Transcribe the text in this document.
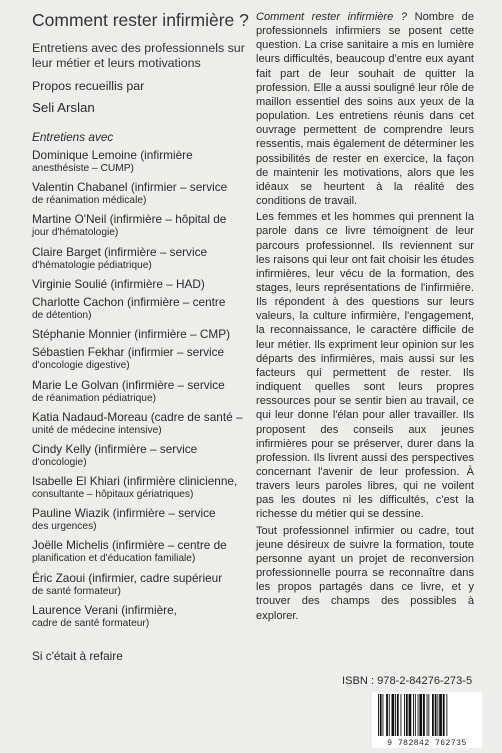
Comment rester infirmière ?

Entretiens avec des professionnels sur leur métier et leurs motivations

Propos recueillis par

Seli Arslan

Entretiens avec

Dominique Lemoine (infirmière
anesthésiste – CUMP)
Valentin Chabanel (infirmier – service
de réanimation médicale)
Martine O'Neil (infirmière – hôpital de
jour d'hématologie)
Claire Barget (infirmière – service
d'hématologie pédiatrique)
Virginie Soulié (infirmière – HAD)
Charlotte Cachon (infirmière – centre
de détention)
Stéphanie Monnier (infirmière – CMP)
Sébastien Fekhar (infirmier – service
d'oncologie digestive)
Marie Le Golvan (infirmière – service
de réanimation pédiatrique)
Katia Nadaud-Moreau (cadre de santé –
unité de médecine intensive)
Cindy Kelly (infirmière – service
d'oncologie)
Isabelle El Khiari (infirmière clinicienne,
consultante – hôpitaux gériatriques)
Pauline Wiazik (infirmière – service
des urgences)
Joëlle Michelis (infirmière – centre de
planification et d'éducation familiale)
Éric Zaoui (infirmier, cadre supérieur
de santé formateur)
Laurence Verani (infirmière,
cadre de santé formateur)

Si c'était à refaire

Comment rester infirmière ? Nombre de professionnels infirmiers se posent cette question. La crise sanitaire a mis en lumière leurs difficultés, beaucoup d'entre eux ayant fait part de leur souhait de quitter la profession. Elle a aussi souligné leur rôle de maillon essentiel des soins aux yeux de la population. Les entretiens réunis dans cet ouvrage permettent de comprendre leurs ressentis, mais également de déterminer les possibilités de rester en exercice, la façon de maintenir les motivations, alors que les idéaux se heurtent à la réalité des conditions de travail.

Les femmes et les hommes qui prennent la parole dans ce livre témoignent de leur parcours professionnel. Ils reviennent sur les raisons qui leur ont fait choisir les études infirmières, leur vécu de la formation, des stages, leurs représentations de l'infirmière. Ils répondent à des questions sur leurs valeurs, la culture infirmière, l'engagement, la reconnaissance, le caractère difficile de leur métier. Ils expriment leur opinion sur les départs des infirmières, mais aussi sur les facteurs qui permettent de rester. Ils indiquent quelles sont leurs propres ressources pour se sentir bien au travail, ce qui leur donne l'élan pour aller travailler. Ils proposent des conseils aux jeunes infirmières pour se préserver, durer dans la profession. Ils livrent aussi des perspectives concernant l'avenir de leur profession. À travers leurs paroles libres, qui ne voilent pas les doutes ni les difficultés, c'est la richesse du métier qui se dessine.

Tout professionnel infirmier ou cadre, tout jeune désireux de suivre la formation, toute personne ayant un projet de reconversion professionnelle pourra se reconnaître dans les propos partagés dans ce livre, et y trouver des champs des possibles à explorer.

ISBN : 978-2-84276-273-5
9 782842 762735
